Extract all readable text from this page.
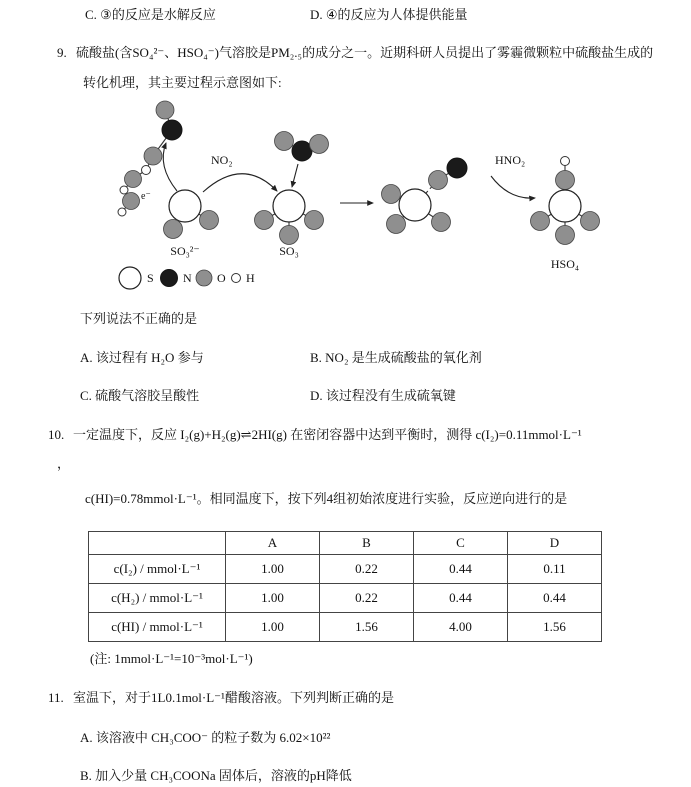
C. ③的反应是水解反应	D. ④的反应为人体提供能量
9. 硫酸盐(含SO₄²⁻、HSO₄⁻)气溶胶是PM₂.₅的成分之一。近期科研人员提出了雾霾微颗粒中硫酸盐生成的
转化机理，其主要过程示意图如下:
e⁻
SO₃²⁻
NO₂
SO₃
HNO₂
HSO₄
S N O H
下列说法不正确的是
A. 该过程有 H₂O 参与	B. NO₂ 是生成硫酸盐的氧化剂
C. 硫酸气溶胶呈酸性	D. 该过程没有生成硫氧键
10. 一定温度下，反应 I₂(g)+H₂(g)⇌2HI(g) 在密闭容器中达到平衡时，测得 c(I₂)=0.11mmol·L⁻¹
，
c(HI)=0.78mmol·L⁻¹。相同温度下，按下列4组初始浓度进行实验，反应逆向进行的是
	A	B	C	D
c(I₂) / mmol·L⁻¹	1.00	0.22	0.44	0.11
c(H₂) / mmol·L⁻¹	1.00	0.22	0.44	0.44
c(HI) / mmol·L⁻¹	1.00	1.56	4.00	1.56
(注: 1mmol·L⁻¹=10⁻³mol·L⁻¹)
11. 室温下，对于1L0.1mol·L⁻¹醋酸溶液。下列判断正确的是
A. 该溶液中 CH₃COO⁻ 的粒子数为 6.02×10²²
B. 加入少量 CH₃COONa 固体后，溶液的pH降低
